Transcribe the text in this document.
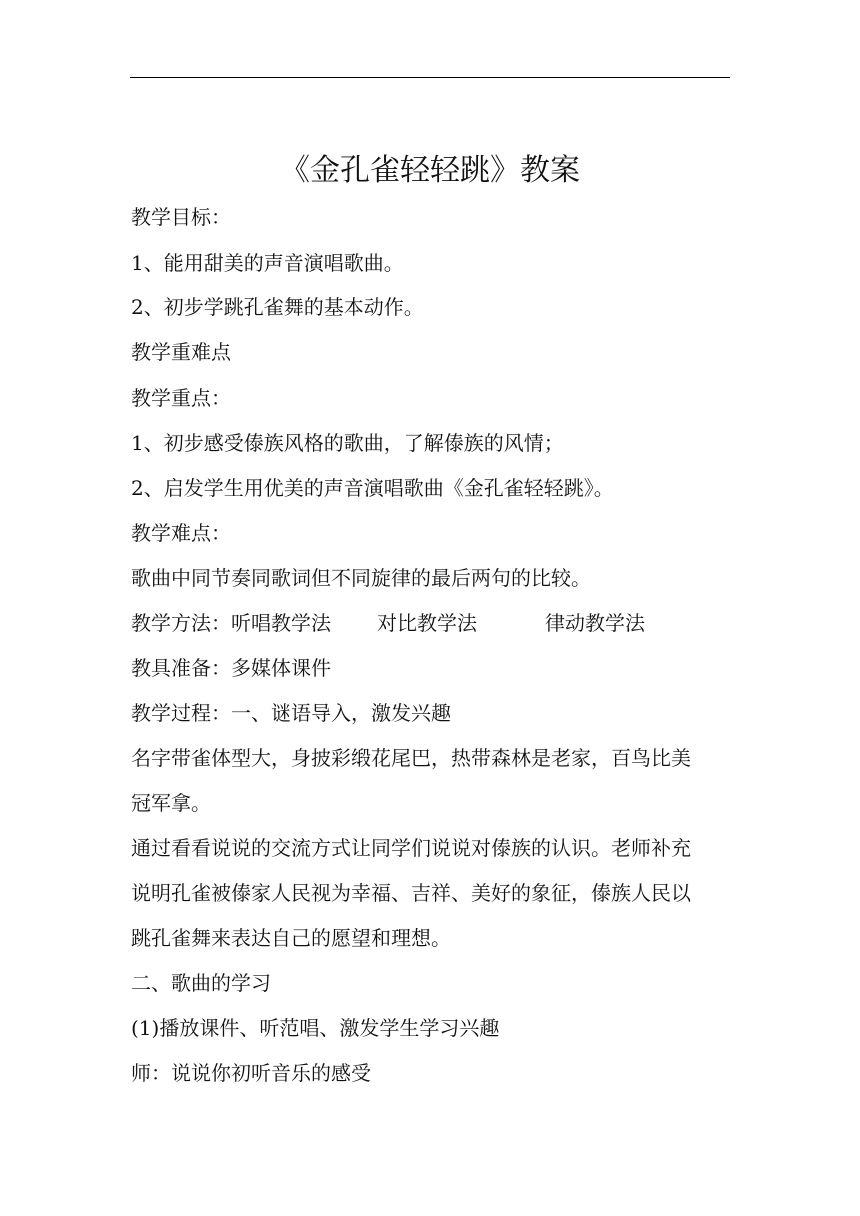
《金孔雀轻轻跳》教案
教学目标：
1、能用甜美的声音演唱歌曲。
2、初步学跳孔雀舞的基本动作。
教学重难点
教学重点：
1、初步感受傣族风格的歌曲，了解傣族的风情；
2、启发学生用优美的声音演唱歌曲《金孔雀轻轻跳》。
教学难点：
歌曲中同节奏同歌词但不同旋律的最后两句的比较。
教学方法：听唱教学法 对比教学法	律动教学法
教具准备：多媒体课件
教学过程：一、谜语导入，激发兴趣
名字带雀体型大，身披彩缎花尾巴，热带森林是老家，百鸟比美
冠军拿。
通过看看说说的交流方式让同学们说说对傣族的认识。老师补充
说明孔雀被傣家人民视为幸福、吉祥、美好的象征，傣族人民以
跳孔雀舞来表达自己的愿望和理想。
二、歌曲的学习
(1)播放课件、听范唱、激发学生学习兴趣
师：说说你初听音乐的感受
